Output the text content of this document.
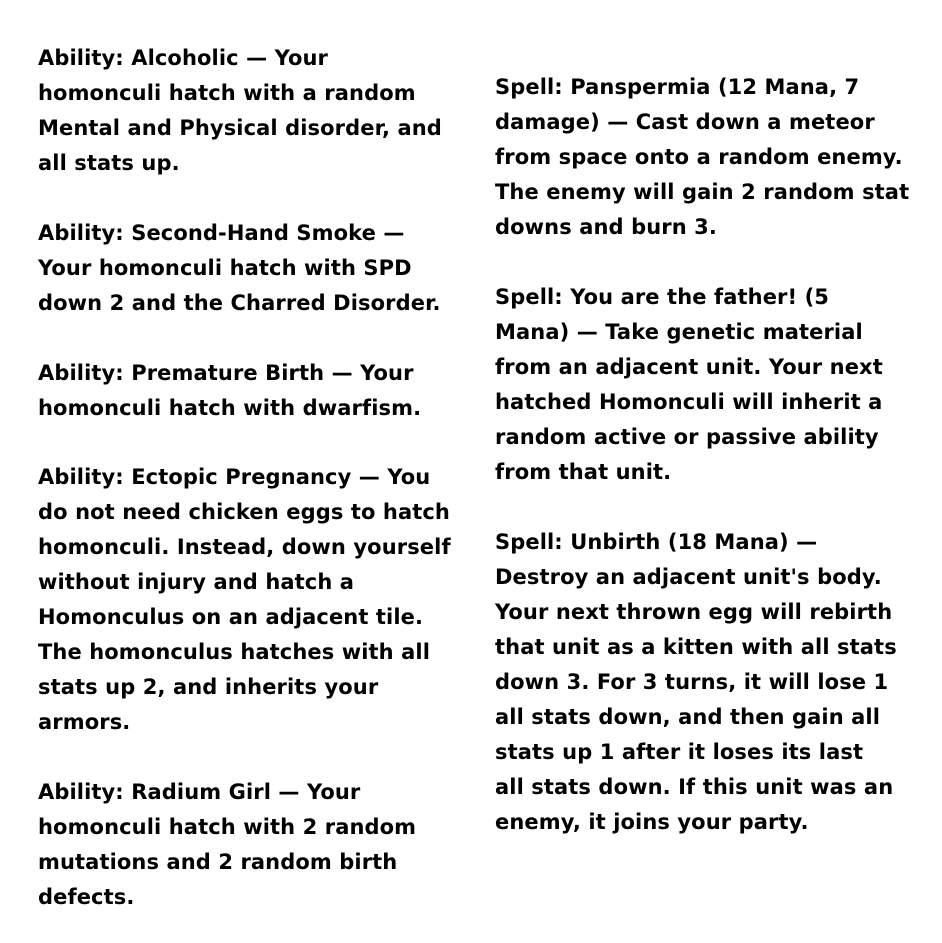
Ability: Alcoholic — Your
homonculi hatch with a random
Mental and Physical disorder, and
all stats up.

Ability: Second-Hand Smoke —
Your homonculi hatch with SPD
down 2 and the Charred Disorder.

Ability: Premature Birth — Your
homonculi hatch with dwarfism.

Ability: Ectopic Pregnancy — You
do not need chicken eggs to hatch
homonculi. Instead, down yourself
without injury and hatch a
Homonculus on an adjacent tile.
The homonculus hatches with all
stats up 2, and inherits your
armors.

Ability: Radium Girl — Your
homonculi hatch with 2 random
mutations and 2 random birth
defects.

Spell: Panspermia (12 Mana, 7
damage) — Cast down a meteor
from space onto a random enemy.
The enemy will gain 2 random stat
downs and burn 3.

Spell: You are the father! (5
Mana) — Take genetic material
from an adjacent unit. Your next
hatched Homonculi will inherit a
random active or passive ability
from that unit.

Spell: Unbirth (18 Mana) —
Destroy an adjacent unit's body.
Your next thrown egg will rebirth
that unit as a kitten with all stats
down 3. For 3 turns, it will lose 1
all stats down, and then gain all
stats up 1 after it loses its last
all stats down. If this unit was an
enemy, it joins your party.
